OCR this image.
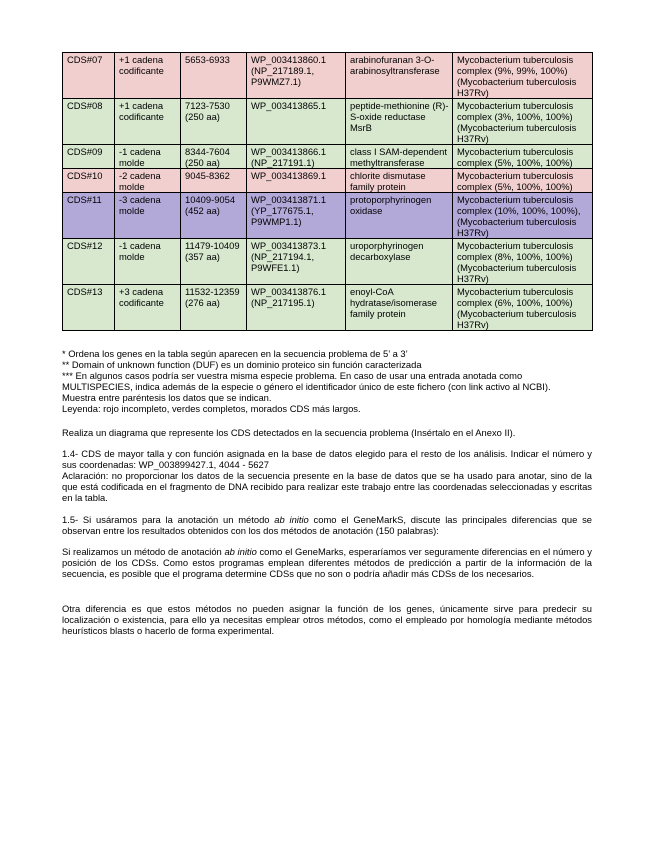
CDS#07	+1 cadena codificante	5653-6933	WP_003413860.1 (NP_217189.1, P9WMZ7.1)	arabinofuranan 3-O-arabinosyltransferase	Mycobacterium tuberculosis complex (9%, 99%, 100%) (Mycobacterium tuberculosis H37Rv)
CDS#08	+1 cadena codificante	7123-7530 (250 aa)	WP_003413865.1	peptide-methionine (R)-S-oxide reductase MsrB	Mycobacterium tuberculosis complex (3%, 100%, 100%) (Mycobacterium tuberculosis H37Rv)
CDS#09	-1 cadena molde	8344-7604 (250 aa)	WP_003413866.1 (NP_217191.1)	class I SAM-dependent methyltransferase	Mycobacterium tuberculosis complex (5%, 100%, 100%)
CDS#10	-2 cadena molde	9045-8362	WP_003413869.1	chlorite dismutase family protein	Mycobacterium tuberculosis complex (5%, 100%, 100%)
CDS#11	-3 cadena molde	10409-9054 (452 aa)	WP_003413871.1 (YP_177675.1, P9WMP1.1)	protoporphyrinogen oxidase	Mycobacterium tuberculosis complex (10%, 100%, 100%), (Mycobacterium tuberculosis H37Rv)
CDS#12	-1 cadena molde	11479-10409 (357 aa)	WP_003413873.1 (NP_217194.1, P9WFE1.1)	uroporphyrinogen decarboxylase	Mycobacterium tuberculosis complex (8%, 100%, 100%) (Mycobacterium tuberculosis H37Rv)
CDS#13	+3 cadena codificante	11532-12359 (276 aa)	WP_003413876.1 (NP_217195.1)	enoyl-CoA hydratase/isomerase family protein	Mycobacterium tuberculosis complex (6%, 100%, 100%) (Mycobacterium tuberculosis H37Rv)
* Ordena los genes en la tabla según aparecen en la secuencia problema de 5’ a 3’
** Domain of unknown function (DUF) es un dominio proteico sin función caracterizada
*** En algunos casos podría ser vuestra misma especie problema. En caso de usar una entrada anotada como
MULTISPECIES, indica además de la especie o género el identificador único de este fichero (con link activo al NCBI).
Muestra entre paréntesis los datos que se indican.
Leyenda: rojo incompleto, verdes completos, morados CDS más largos.

Realiza un diagrama que represente los CDS detectados en la secuencia problema (Insértalo en el Anexo II).

1.4- CDS de mayor talla y con función asignada en la base de datos elegido para el resto de los análisis. Indicar el número y sus coordenadas: WP_003899427.1, 4044 - 5627

Aclaración: no proporcionar los datos de la secuencia presente en la base de datos que se ha usado para anotar, sino de la que está codificada en el fragmento de DNA recibido para realizar este trabajo entre las coordenadas seleccionadas y escritas en la tabla.

1.5- Si usáramos para la anotación un método ab initio como el GeneMarkS, discute las principales diferencias que se observan entre los resultados obtenidos con los dos métodos de anotación (150 palabras):

Si realizamos un método de anotación ab initio como el GeneMarks, esperaríamos ver seguramente diferencias en el número y posición de los CDSs. Como estos programas emplean diferentes métodos de predicción a partir de la información de la secuencia, es posible que el programa determine CDSs que no son o podría añadir más CDSs de los necesarios.

Otra diferencia es que estos métodos no pueden asignar la función de los genes, únicamente sirve para predecir su localización o existencia, para ello ya necesitas emplear otros métodos, como el empleado por homología mediante métodos heurísticos blasts o hacerlo de forma experimental.
